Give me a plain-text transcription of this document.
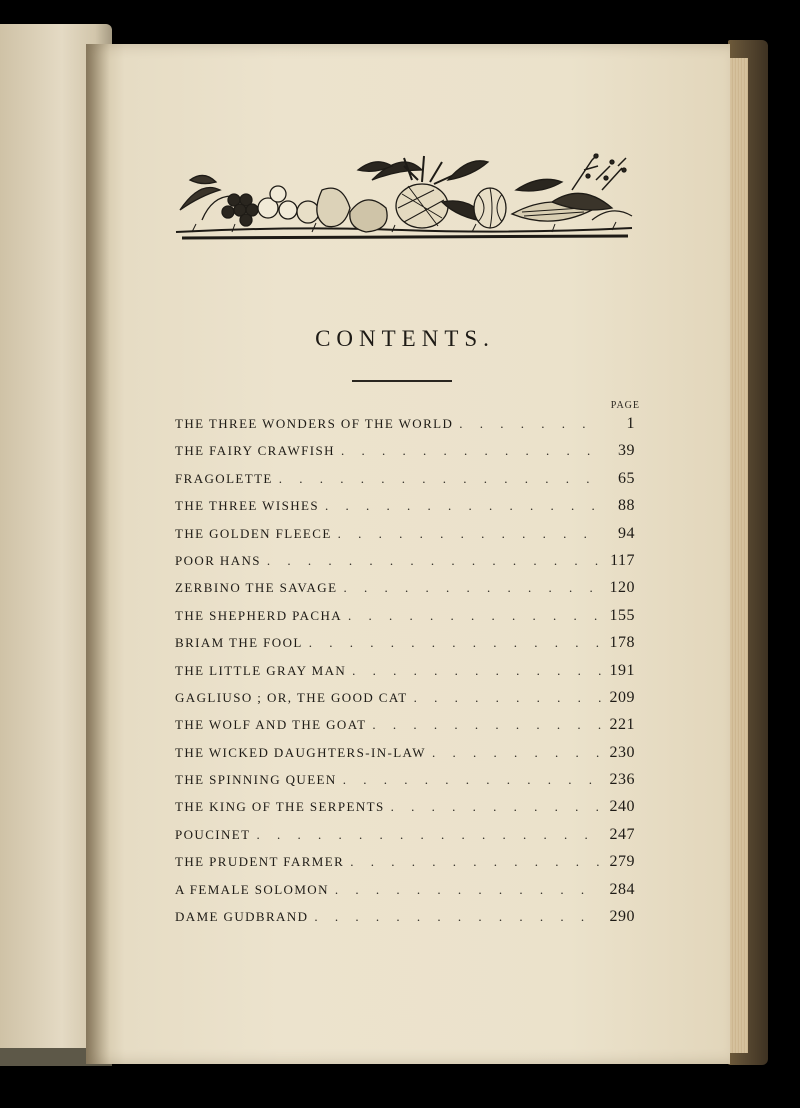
CONTENTS.
PAGE
THE THREE WONDERS OF THE WORLD . . .	1
THE FAIRY CRAWFISH . . .	39
FRAGOLETTE . . .	65
THE THREE WISHES . . .	88
THE GOLDEN FLEECE . . .	94
POOR HANS . . .	117
ZERBINO THE SAVAGE . . .	120
THE SHEPHERD PACHA . . .	155
BRIAM THE FOOL . . .	178
THE LITTLE GRAY MAN . . .	191
GAGLIUSO ; OR, THE GOOD CAT . . .	209
THE WOLF AND THE GOAT . . .	221
THE WICKED DAUGHTERS-IN-LAW . . .	230
THE SPINNING QUEEN . . .	236
THE KING OF THE SERPENTS . . .	240
POUCINET . . .	247
THE PRUDENT FARMER . . .	279
A FEMALE SOLOMON . . .	284
DAME GUDBRAND . . .	290
